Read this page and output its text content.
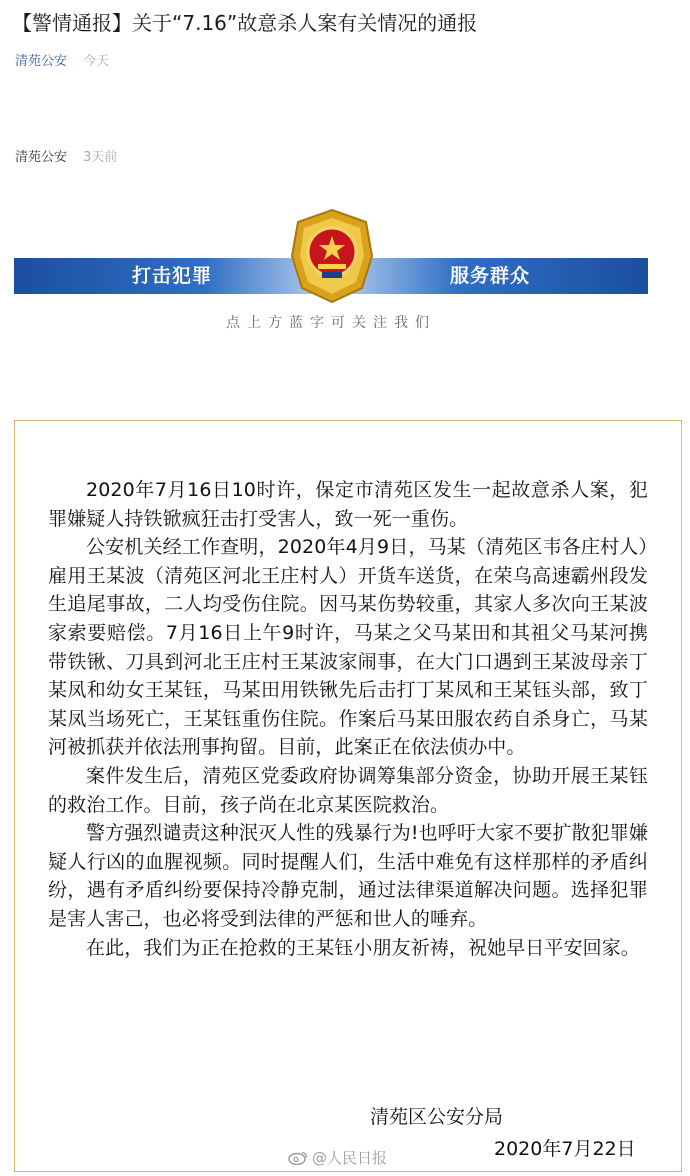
【警情通报】关于“7.16”故意杀人案有关情况的通报
清苑公安 今天
清苑公安 3天前
打击犯罪	服务群众
点上方蓝字可关注我们

2020年7月16日10时许，保定市清苑区发生一起故意杀人案，犯罪嫌疑人持铁锨疯狂击打受害人，致一死一重伤。

公安机关经工作查明，2020年4月9日，马某（清苑区韦各庄村人）雇用王某波（清苑区河北王庄村人）开货车送货，在荣乌高速霸州段发生追尾事故，二人均受伤住院。因马某伤势较重，其家人多次向王某波家索要赔偿。7月16日上午9时许，马某之父马某田和其祖父马某河携带铁锹、刀具到河北王庄村王某波家闹事，在大门口遇到王某波母亲丁某凤和幼女王某钰，马某田用铁锹先后击打丁某凤和王某钰头部，致丁某凤当场死亡，王某钰重伤住院。作案后马某田服农药自杀身亡，马某河被抓获并依法刑事拘留。目前，此案正在依法侦办中。

案件发生后，清苑区党委政府协调筹集部分资金，协助开展王某钰的救治工作。目前，孩子尚在北京某医院救治。

警方强烈谴责这种泯灭人性的残暴行为!也呼吁大家不要扩散犯罪嫌疑人行凶的血腥视频。同时提醒人们，生活中难免有这样那样的矛盾纠纷，遇有矛盾纠纷要保持冷静克制，通过法律渠道解决问题。选择犯罪是害人害己，也必将受到法律的严惩和世人的唾弃。

在此，我们为正在抢救的王某钰小朋友祈祷，祝她早日平安回家。

清苑区公安分局
@人民日报	2020年7月22日
